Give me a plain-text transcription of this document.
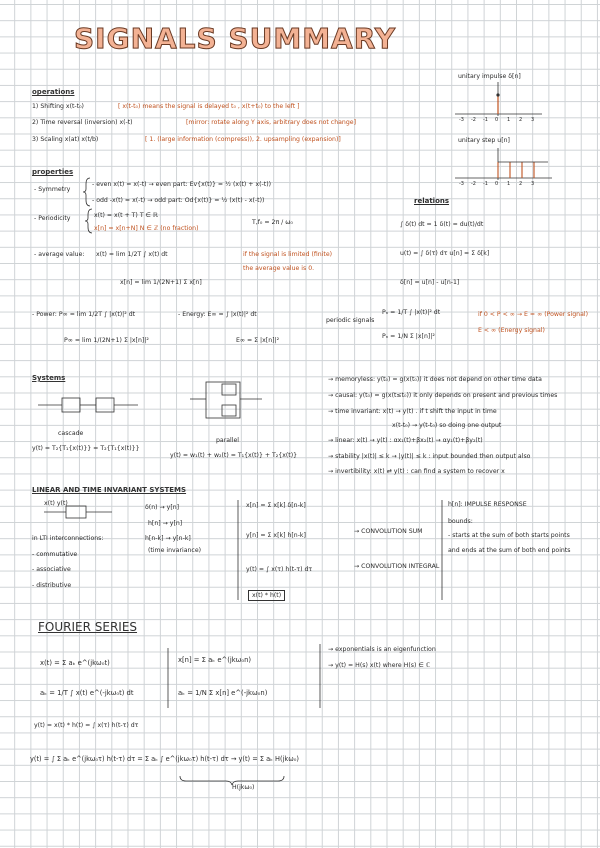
SIGNALS SUMMARY
operations
1) Shifting x(t-t₀)	[ x(t-t₀) means the signal is delayed t₀ , x(t+t₀) to the left ]
2) Time reversal (inversion) x(-t)	[mirror: rotate along Y axis, arbitrary does not change]
3) Scaling x(at) x(t/b)	[ 1. (large information (compress)), 2. upsampling (expansion)]
unitary impulse δ[n]
unitary step u[n]
properties
- Symmetry
- even x(t) = x(-t) → even part: Ev{x(t)} = ½ (x(t) + x(-t))
- odd -x(t) = x(-t) → odd part: Od{x(t)} = ½ (x(t) - x(-t))
- Periodicity	x(t) = x(t + T) T ∈ ℝ
x[n] = x[n+N] N ∈ ℤ (no fraction)
T,f₀ = 2π / ω₀
- average value: x(t) = lim 1/2T ∫ x(t) dt
x[n] = lim 1/(2N+1) Σ x[n]
if the signal is limited (finite)
the average value is 0.
relations
∫ δ(t) dt = 1 δ(t) = du(t)/dt
u(t) = ∫ δ(τ) dτ u[n] = Σ δ[k]
δ[n] = u[n] - u[n-1]
- Power: P∞ = lim 1/2T ∫ |x(t)|² dt
P∞ = lim 1/(2N+1) Σ |x[n]|²
- Energy: E∞ = ∫ |x(t)|² dt
E∞ = Σ |x[n]|²
periodic signals
Pₙ = 1/T ∫ |x(t)|² dt
Pₙ = 1/N Σ |x[n]|²
if 0 < P < ∞ → E = ∞ (Power signal)
E < ∞ (Energy signal)
Systems
cascade
y(t) = T₂{T₁{x(t)}} = T₂{T₁{x(t)}}
parallel
y(t) = w₁(t) + w₂(t) = T₁{x(t)} + T₂{x(t)}
→ memoryless: y(t₀) = g(x(t₀)) it does not depend on other time data
→ causal: y(t₀) = g(x(t≤t₀)) it only depends on present and previous times
→ time invariant: x(t) → y(t) . if t shift the input in time
x(t-t₀) → y(t-t₀) so doing one output
→ linear: x(t) → y(t) : αx₁(t)+βx₂(t) → αy₁(t)+βy₂(t)
→ stability |x(t)| ≤ k → |y(t)| ≤ k : input bounded then output also
→ invertibility: x(t) ⇄ y(t) : can find a system to recover x
LINEAR AND TIME INVARIANT SYSTEMS
x(t) y(t)
δ(n) → y[n]
h[n-k] → y[n-k]
h[n] → y[n]
(time invariance)
in LTI interconnections:
- commutative
- associative
- distributive
x[n] = Σ x[k] δ[n-k]
y[n] = Σ x[k] h[n-k]
→ CONVOLUTION SUM
y(t) = ∫ x(τ) h(t-τ) dτ	→ CONVOLUTION INTEGRAL
x(t) * h(t)
h[n]: IMPULSE RESPONSE
bounds:
- starts at the sum of both starts points
and ends at the sum of both end points
FOURIER SERIES
x(t) = Σ aₖ e^(jkω₀t)
aₖ = 1/T ∫ x(t) e^(-jkω₀t) dt
x[n] = Σ aₖ e^(jkω₀n)
aₖ = 1/N Σ x[n] e^(-jkω₀n)
→ exponentials is an eigenfunction
→ y(t) = H(s) x(t) where H(s) ∈ ℂ
y(t) = x(t) * h(t) = ∫ x(τ) h(t-τ) dτ
y(t) = ∫ Σ aₖ e^(jkω₀τ) h(t-τ) dτ = Σ aₖ ∫ e^(jkω₀τ) h(t-τ) dτ → y(t) = Σ aₖ H(jkω₀)
H(jkω₀)
-3 -2 -1 0 1 2 3
-3 -2 -1 0 1 2 3
